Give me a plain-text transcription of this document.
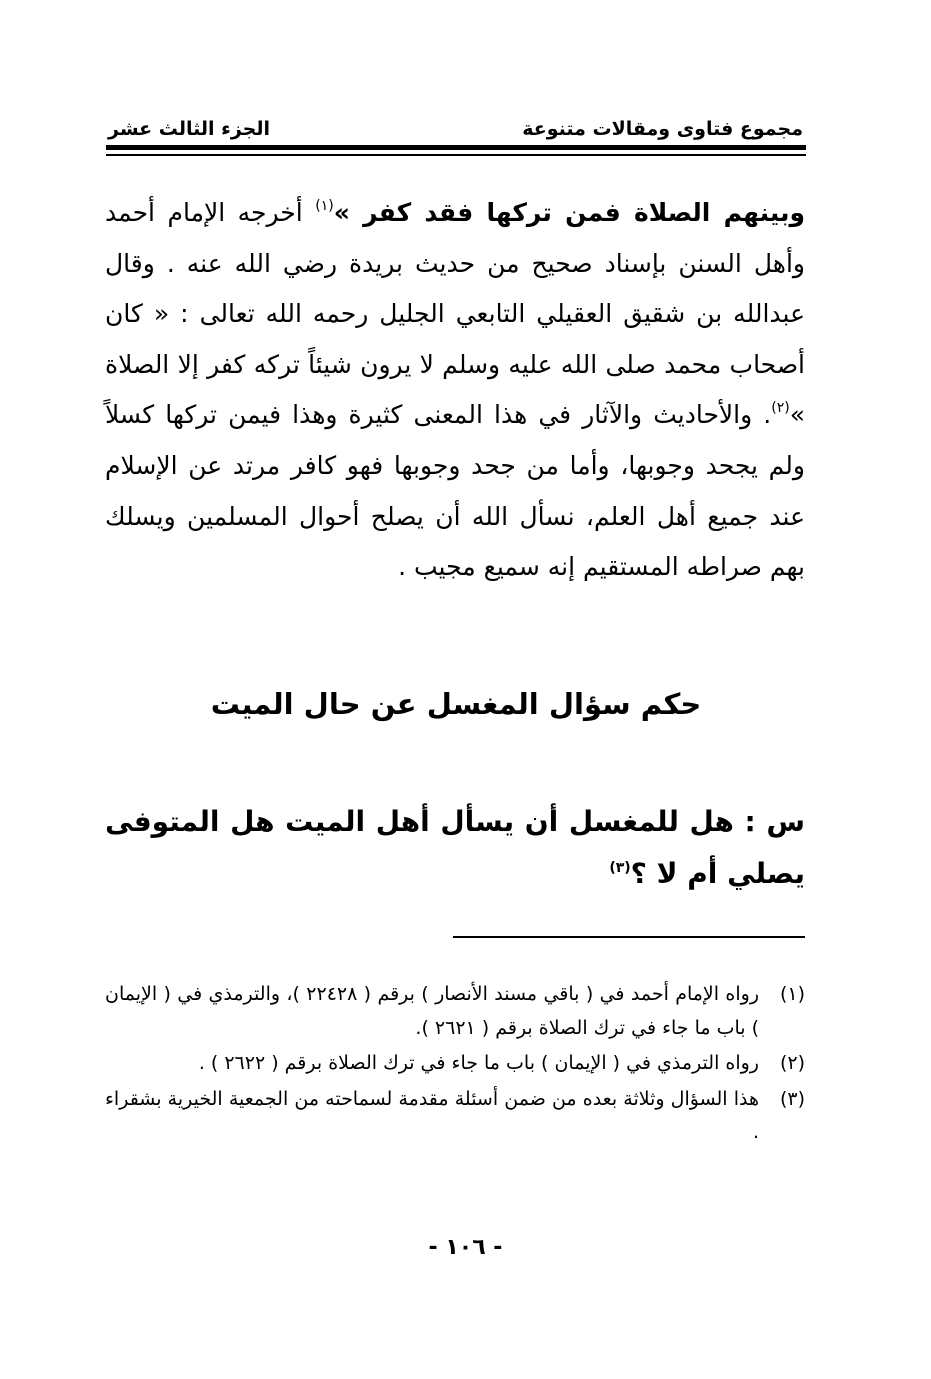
مجموع فتاوى ومقالات متنوعة
الجزء الثالث عشر

وبينهم الصلاة فمن تركها فقد كفر »$^{(١)}$ أخرجه الإمام أحمد وأهل السنن بإسناد صحيح من حديث بريدة رضي الله عنه . وقال عبدالله بن شقيق العقيلي التابعي الجليل رحمه الله تعالى : « كان أصحاب محمد صلى الله عليه وسلم لا يرون شيئاً تركه كفر إلا الصلاة »$^{(٢)}$. والأحاديث والآثار في هذا المعنى كثيرة وهذا فيمن تركها كسلاً ولم يجحد وجوبها، وأما من جحد وجوبها فهو كافر مرتد عن الإسلام عند جميع أهل العلم، نسأل الله أن يصلح أحوال المسلمين ويسلك بهم صراطه المستقيم إنه سميع مجيب .

حكم سؤال المغسل عن حال الميت

س : هل للمغسل أن يسأل أهل الميت هل المتوفى يصلي أم لا ؟$^{(٣)}$

(١)
رواه الإمام أحمد في ( باقي مسند الأنصار ) برقم ( ٢٢٤٢٨ )، والترمذي في ( الإيمان ) باب ما جاء في ترك الصلاة برقم ( ٢٦٢١ ).
(٢)
رواه الترمذي في ( الإيمان ) باب ما جاء في ترك الصلاة برقم ( ٢٦٢٢ ) .
(٣)
هذا السؤال وثلاثة بعده من ضمن أسئلة مقدمة لسماحته من الجمعية الخيرية بشقراء .
- ١٠٦ -
